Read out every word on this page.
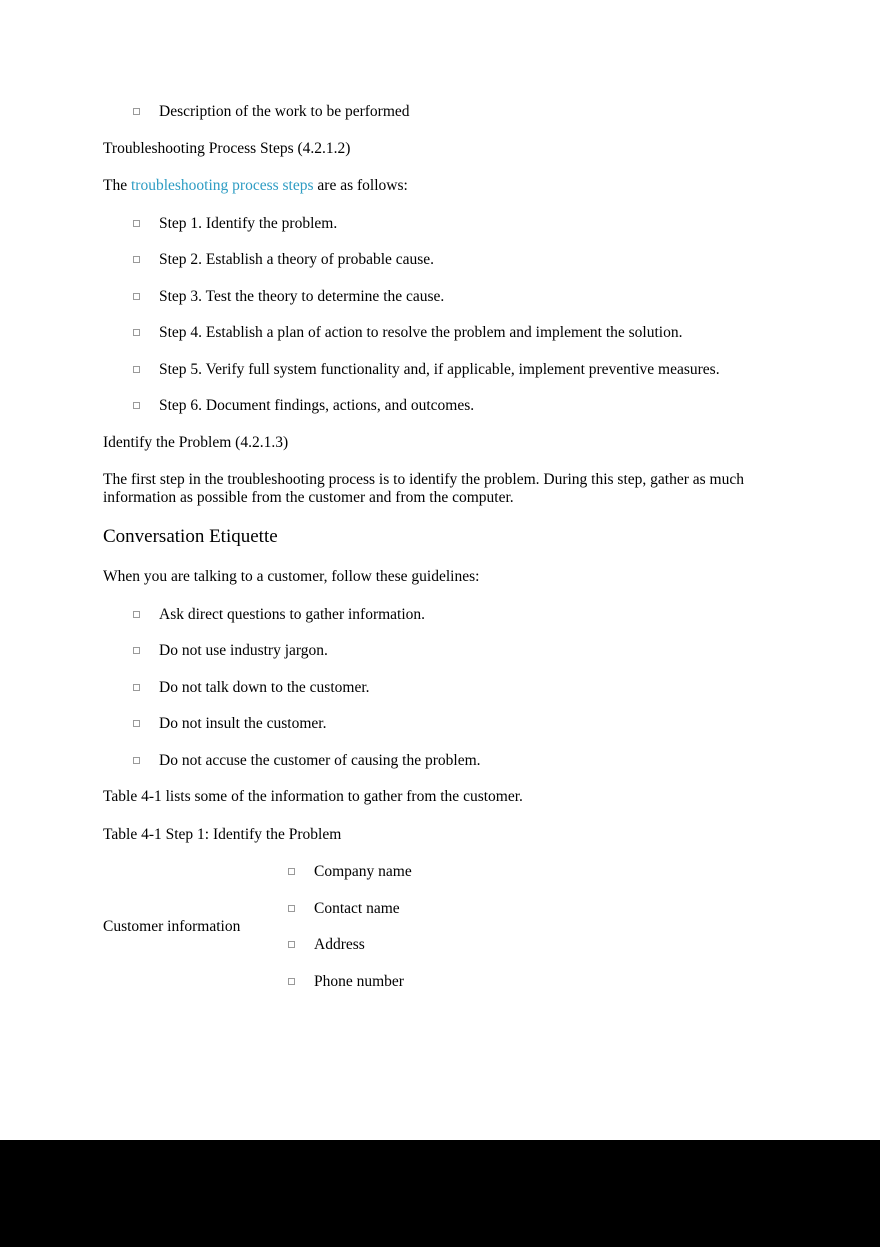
Description of the work to be performed

Troubleshooting Process Steps (4.2.1.2)

The troubleshooting process steps are as follows:

Step 1. Identify the problem.
Step 2. Establish a theory of probable cause.
Step 3. Test the theory to determine the cause.
Step 4. Establish a plan of action to resolve the problem and implement the solution.
Step 5. Verify full system functionality and, if applicable, implement preventive measures.
Step 6. Document findings, actions, and outcomes.

Identify the Problem (4.2.1.3)

The first step in the troubleshooting process is to identify the problem. During this step, gather as much information as possible from the customer and from the computer.

Conversation Etiquette

When you are talking to a customer, follow these guidelines:

Ask direct questions to gather information.
Do not use industry jargon.
Do not talk down to the customer.
Do not insult the customer.
Do not accuse the customer of causing the problem.

Table 4-1 lists some of the information to gather from the customer.

Table 4-1 Step 1: Identify the Problem

Customer information
Company name
Contact name
Address
Phone number
